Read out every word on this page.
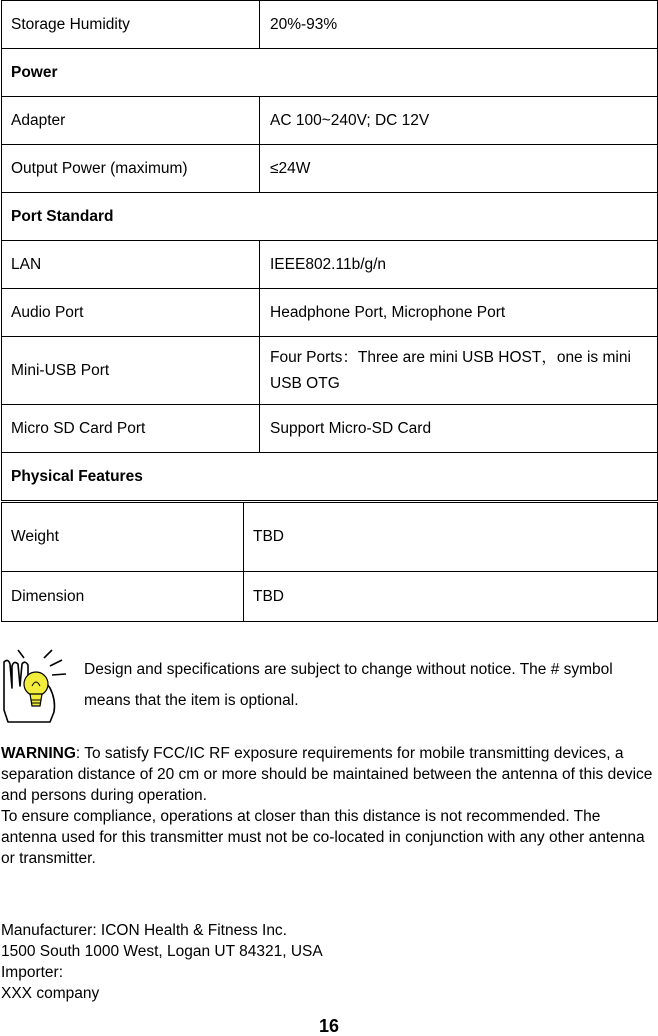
Storage Humidity	20%-93%
Power	
Adapter	AC 100~240V; DC 12V
Output Power (maximum)	≤24W
Port Standard	
LAN	IEEE802.11b/g/n
Audio Port	Headphone Port, Microphone Port
Mini-USB Port	Four Ports：Three are mini USB HOST，one is mini USB OTG
Micro SD Card Port	Support Micro-SD Card
Physical Features	
Weight	TBD
Dimension	TBD
Design and specifications are subject to change without notice. The # symbol means that the item is optional.

WARNING: To satisfy FCC/IC RF exposure requirements for mobile transmitting devices, a separation distance of 20 cm or more should be maintained between the antenna of this device and persons during operation.

To ensure compliance, operations at closer than this distance is not recommended. The antenna used for this transmitter must not be co-located in conjunction with any other antenna or transmitter.

Manufacturer: ICON Health & Fitness Inc.

1500 South 1000 West, Logan UT 84321, USA

Importer:

XXX company

16
